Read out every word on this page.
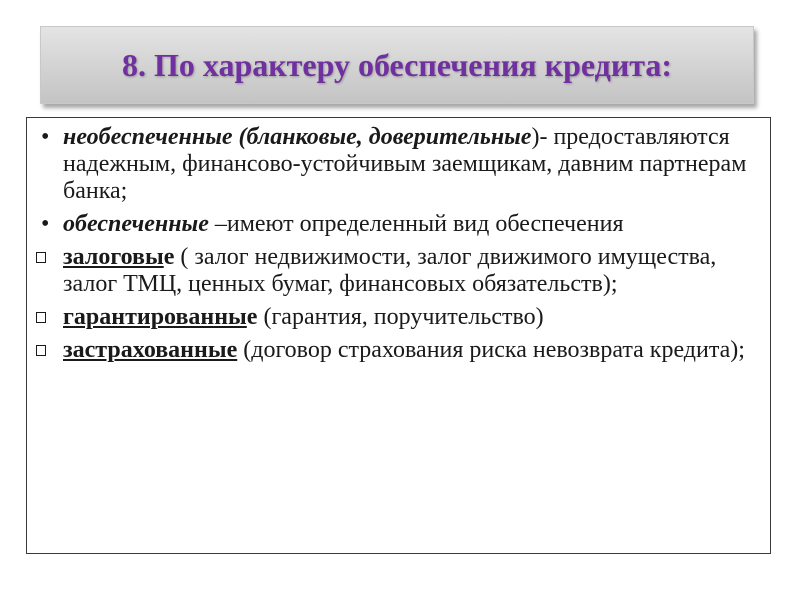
8. По характеру обеспечения кредита:
• необеспеченные (бланковые, доверительные)- предоставляются надежным, финансово-устойчивым заемщикам, давним партнерам банка;
• обеспеченные –имеют определенный вид обеспечения
залоговые ( залог недвижимости, залог движимого имущества, залог ТМЦ, ценных бумаг, финансовых обязательств);
гарантированные (гарантия, поручительство)
застрахованные (договор страхования риска невозврата кредита);
